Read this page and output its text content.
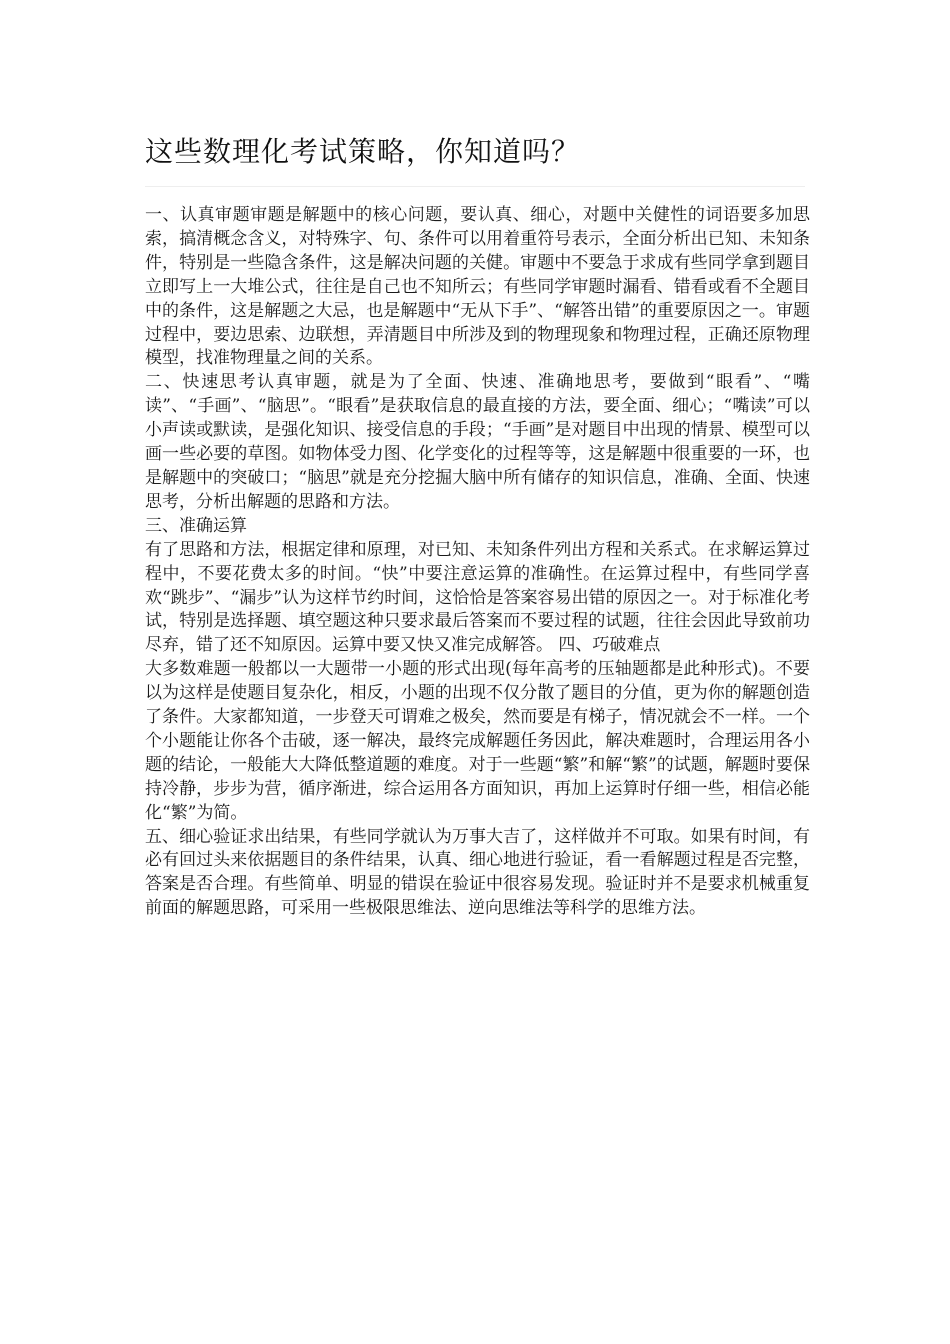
这些数理化考试策略，你知道吗？

一、认真审题审题是解题中的核心问题，要认真、细心，对题中关健性的词语要多加思索，搞清概念含义，对特殊字、句、条件可以用着重符号表示，全面分析出已知、未知条件，特别是一些隐含条件，这是解决问题的关健。审题中不要急于求成有些同学拿到题目立即写上一大堆公式，往往是自己也不知所云；有些同学审题时漏看、错看或看不全题目中的条件，这是解题之大忌，也是解题中“无从下手”、“解答出错”的重要原因之一。审题过程中，要边思索、边联想，弄清题目中所涉及到的物理现象和物理过程，正确还原物理模型，找准物理量之间的关系。

二、快速思考认真审题，就是为了全面、快速、准确地思考，要做到“眼看”、“嘴读”、“手画”、“脑思”。“眼看”是获取信息的最直接的方法，要全面、细心；“嘴读”可以小声读或默读，是强化知识、接受信息的手段；“手画”是对题目中出现的情景、模型可以画一些必要的草图。如物体受力图、化学变化的过程等等，这是解题中很重要的一环，也是解题中的突破口；“脑思”就是充分挖掘大脑中所有储存的知识信息，准确、全面、快速思考，分析出解题的思路和方法。

三、准确运算

有了思路和方法，根据定律和原理，对已知、未知条件列出方程和关系式。在求解运算过程中，不要花费太多的时间。“快”中要注意运算的准确性。在运算过程中，有些同学喜欢“跳步”、“漏步”认为这样节约时间，这恰恰是答案容易出错的原因之一。对于标准化考试，特别是选择题、填空题这种只要求最后答案而不要过程的试题，往往会因此导致前功尽弃，错了还不知原因。运算中要又快又准完成解答。 四、巧破难点

大多数难题一般都以一大题带一小题的形式出现(每年高考的压轴题都是此种形式)。不要以为这样是使题目复杂化，相反，小题的出现不仅分散了题目的分值，更为你的解题创造了条件。大家都知道，一步登天可谓难之极矣，然而要是有梯子，情况就会不一样。一个个小题能让你各个击破，逐一解决，最终完成解题任务因此，解决难题时，合理运用各小题的结论，一般能大大降低整道题的难度。对于一些题“繁”和解“繁”的试题，解题时要保持冷静，步步为营，循序渐进，综合运用各方面知识，再加上运算时仔细一些，相信必能化“繁”为简。

五、细心验证求出结果，有些同学就认为万事大吉了，这样做并不可取。如果有时间，有必有回过头来依据题目的条件结果，认真、细心地进行验证，看一看解题过程是否完整，答案是否合理。有些简单、明显的错误在验证中很容易发现。验证时并不是要求机械重复前面的解题思路，可采用一些极限思维法、逆向思维法等科学的思维方法。
